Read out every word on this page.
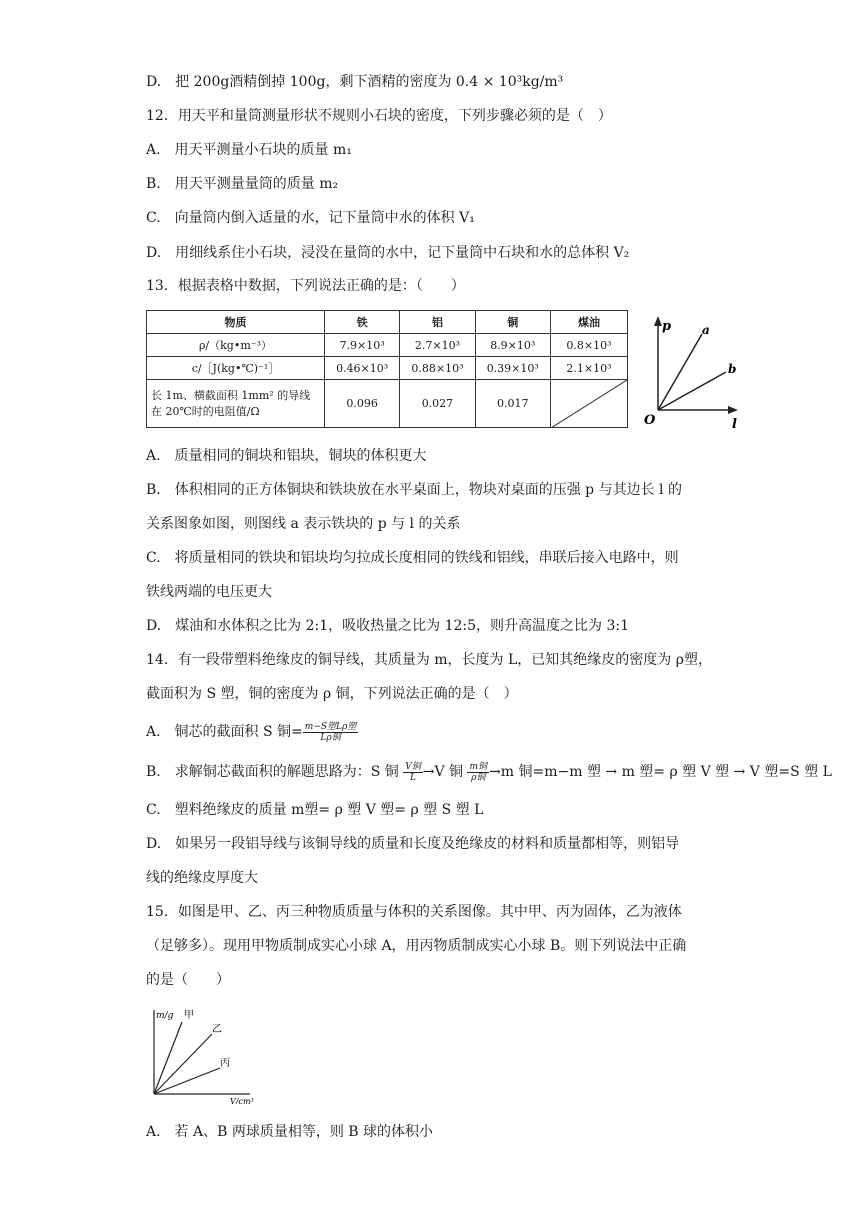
D.　把 200g酒精倒掉 100g，剩下酒精的密度为 0.4 × 10³kg/m³
12．用天平和量筒测量形状不规则小石块的密度，下列步骤必须的是（　）
A.　用天平测量小石块的质量 m₁
B.　用天平测量量筒的质量 m₂
C.　向量筒内倒入适量的水，记下量筒中水的体积 V₁
D.　用细线系住小石块，浸没在量筒的水中，记下量筒中石块和水的总体积 V₂
13．根据表格中数据，下列说法正确的是：（　　）
物质	铁	铝	铜	煤油
ρ/（kg•m⁻³）	7.9×10³	2.7×10³	8.9×10³	0.8×10³
c/［J(kg•℃)⁻¹］	0.46×10³	0.88×10³	0.39×10³	2.1×10³
长 1m、横截面积 1mm² 的导线在 20℃时的电阻值/Ω	0.096	0.027	0.017	
p
l
O
a
b
A.　质量相同的铜块和铝块，铜块的体积更大
B.　体积相同的正方体铜块和铁块放在水平桌面上，物块对桌面的压强 p 与其边长 l 的
关系图象如图，则图线 a 表示铁块的 p 与 l 的关系
C.　将质量相同的铁块和铝块均匀拉成长度相同的铁线和铝线，串联后接入电路中，则
铁线两端的电压更大
D.　煤油和水体积之比为 2:1，吸收热量之比为 12:5，则升高温度之比为 3:1
14．有一段带塑料绝缘皮的铜导线，其质量为 m，长度为 L，已知其绝缘皮的密度为 ρ塑，
截面积为 S 塑，铜的密度为 ρ 铜，下列说法正确的是（　）
A.　铜芯的截面积 S 铜= $\frac{\text{m−S塑Lρ塑}}{\text{Lρ铜}}$
B.　求解铜芯截面积的解题思路为：S 铜 $\frac{\text{V铜}}{L} \to V$ 铜 $\frac{\text{m铜}}{\text{ρ铜}} \to m$ 铜=m−m 塑 → m 塑= ρ 塑 V 塑 → V 塑=S 塑 L
C.　塑料绝缘皮的质量 m塑= ρ 塑 V 塑= ρ 塑 S 塑 L
D.　如果另一段铝导线与该铜导线的质量和长度及绝缘皮的材料和质量都相等，则铝导
线的绝缘皮厚度大
15．如图是甲、乙、丙三种物质质量与体积的关系图像。其中甲、丙为固体，乙为液体
（足够多）。现用甲物质制成实心小球 A，用丙物质制成实心小球 B。则下列说法中正确
的是（　　）
m/g 甲
乙
丙
V/cm³
A.　若 A、B 两球质量相等，则 B 球的体积小
